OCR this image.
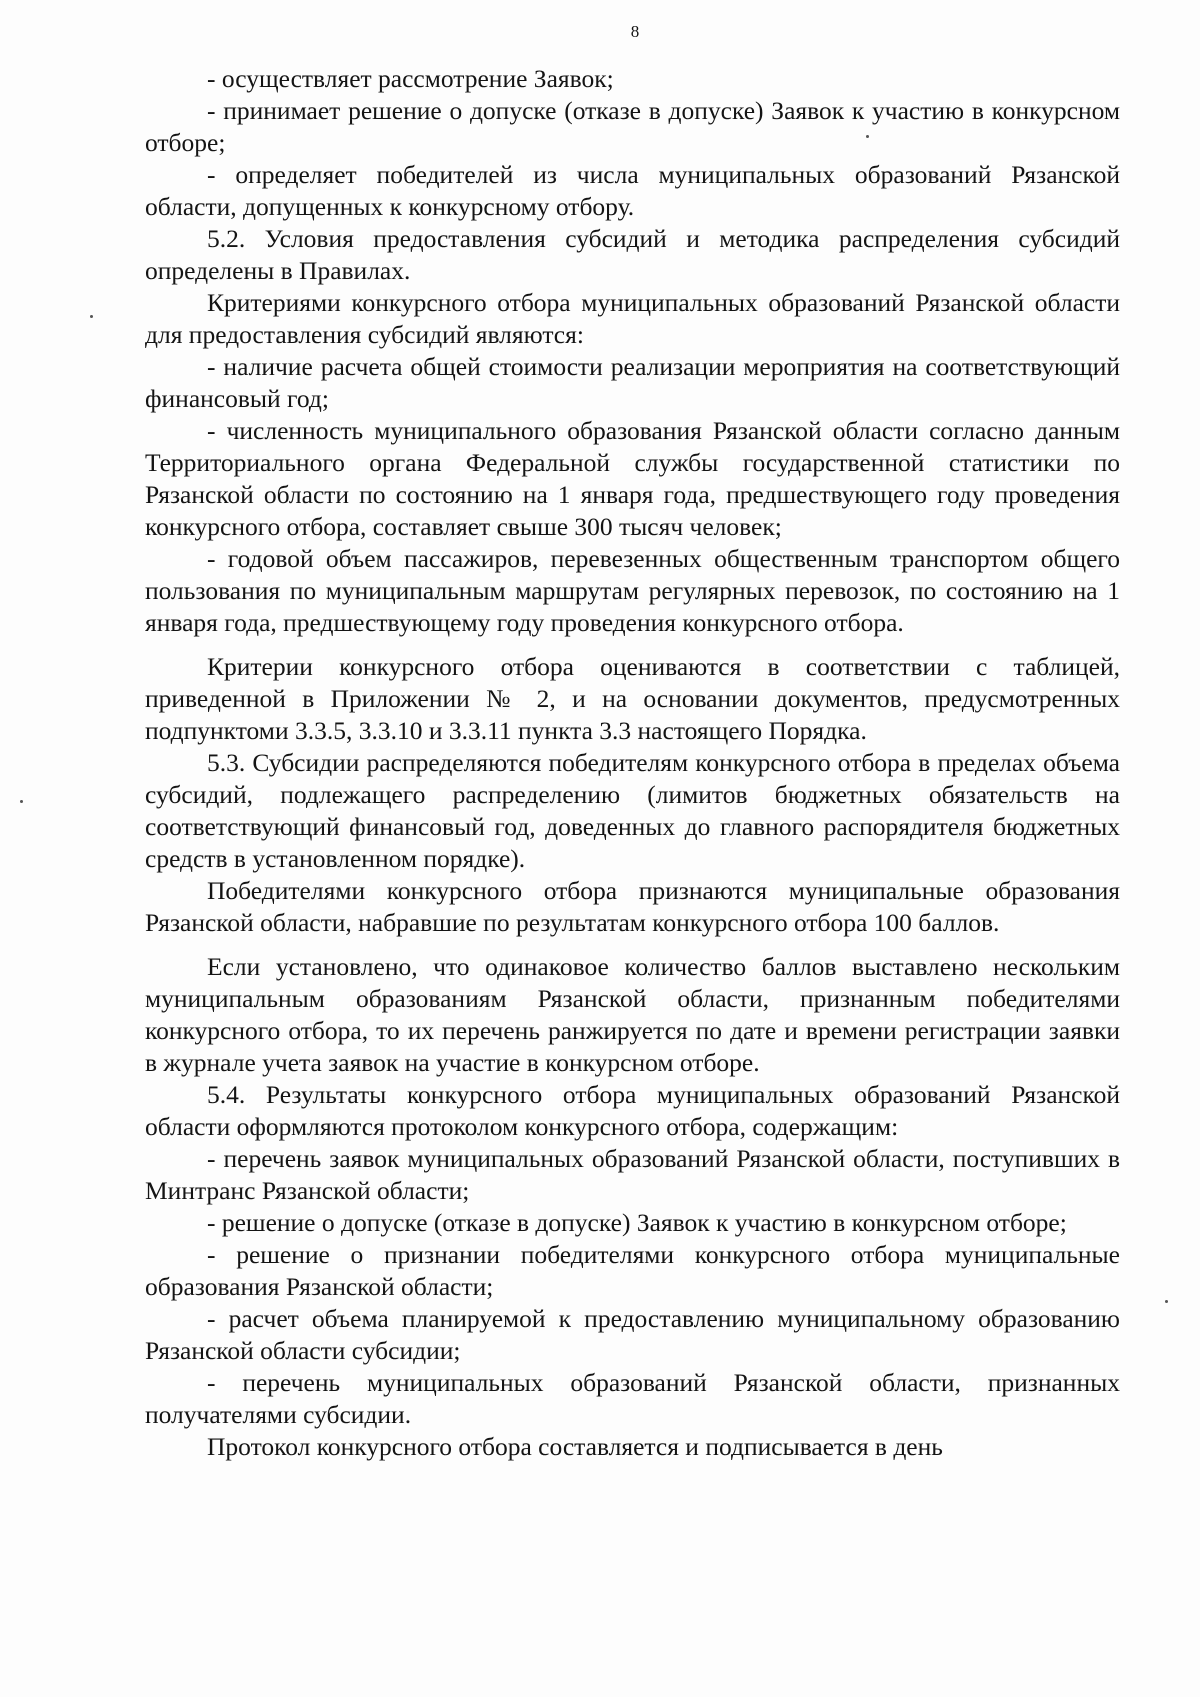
8

- осуществляет рассмотрение Заявок;

- принимает решение о допуске (отказе в допуске) Заявок к участию в конкурсном отборе;

- определяет победителей из числа муниципальных образований Рязанской области, допущенных к конкурсному отбору.

5.2. Условия предоставления субсидий и методика распределения субсидий определены в Правилах.

Критериями конкурсного отбора муниципальных образований Рязанской области для предоставления субсидий являются:

- наличие расчета общей стоимости реализации мероприятия на соответствующий финансовый год;

- численность муниципального образования Рязанской области согласно данным Территориального органа Федеральной службы государственной статистики по Рязанской области по состоянию на 1 января года, предшествующего году проведения конкурсного отбора, составляет свыше 300 тысяч человек;

- годовой объем пассажиров, перевезенных общественным транспортом общего пользования по муниципальным маршрутам регулярных перевозок, по состоянию на 1 января года, предшествующему году проведения конкурсного отбора.

Критерии конкурсного отбора оцениваются в соответствии с таблицей, приведенной в Приложении № 2, и на основании документов, предусмотренных подпунктоми 3.3.5, 3.3.10 и 3.3.11 пункта 3.3 настоящего Порядка.

5.3. Субсидии распределяются победителям конкурсного отбора в пределах объема субсидий, подлежащего распределению (лимитов бюджетных обязательств на соответствующий финансовый год, доведенных до главного распорядителя бюджетных средств в установленном порядке).

Победителями конкурсного отбора признаются муниципальные образования Рязанской области, набравшие по результатам конкурсного отбора 100 баллов.

Если установлено, что одинаковое количество баллов выставлено нескольким муниципальным образованиям Рязанской области, признанным победителями конкурсного отбора, то их перечень ранжируется по дате и времени регистрации заявки в журнале учета заявок на участие в конкурсном отборе.

5.4. Результаты конкурсного отбора муниципальных образований Рязанской области оформляются протоколом конкурсного отбора, содержащим:

- перечень заявок муниципальных образований Рязанской области, поступивших в Минтранс Рязанской области;

- решение о допуске (отказе в допуске) Заявок к участию в конкурсном отборе;

- решение о признании победителями конкурсного отбора муниципальные образования Рязанской области;

- расчет объема планируемой к предоставлению муниципальному образованию Рязанской области субсидии;

- перечень муниципальных образований Рязанской области, признанных получателями субсидии.

Протокол конкурсного отбора составляется и подписывается в день
